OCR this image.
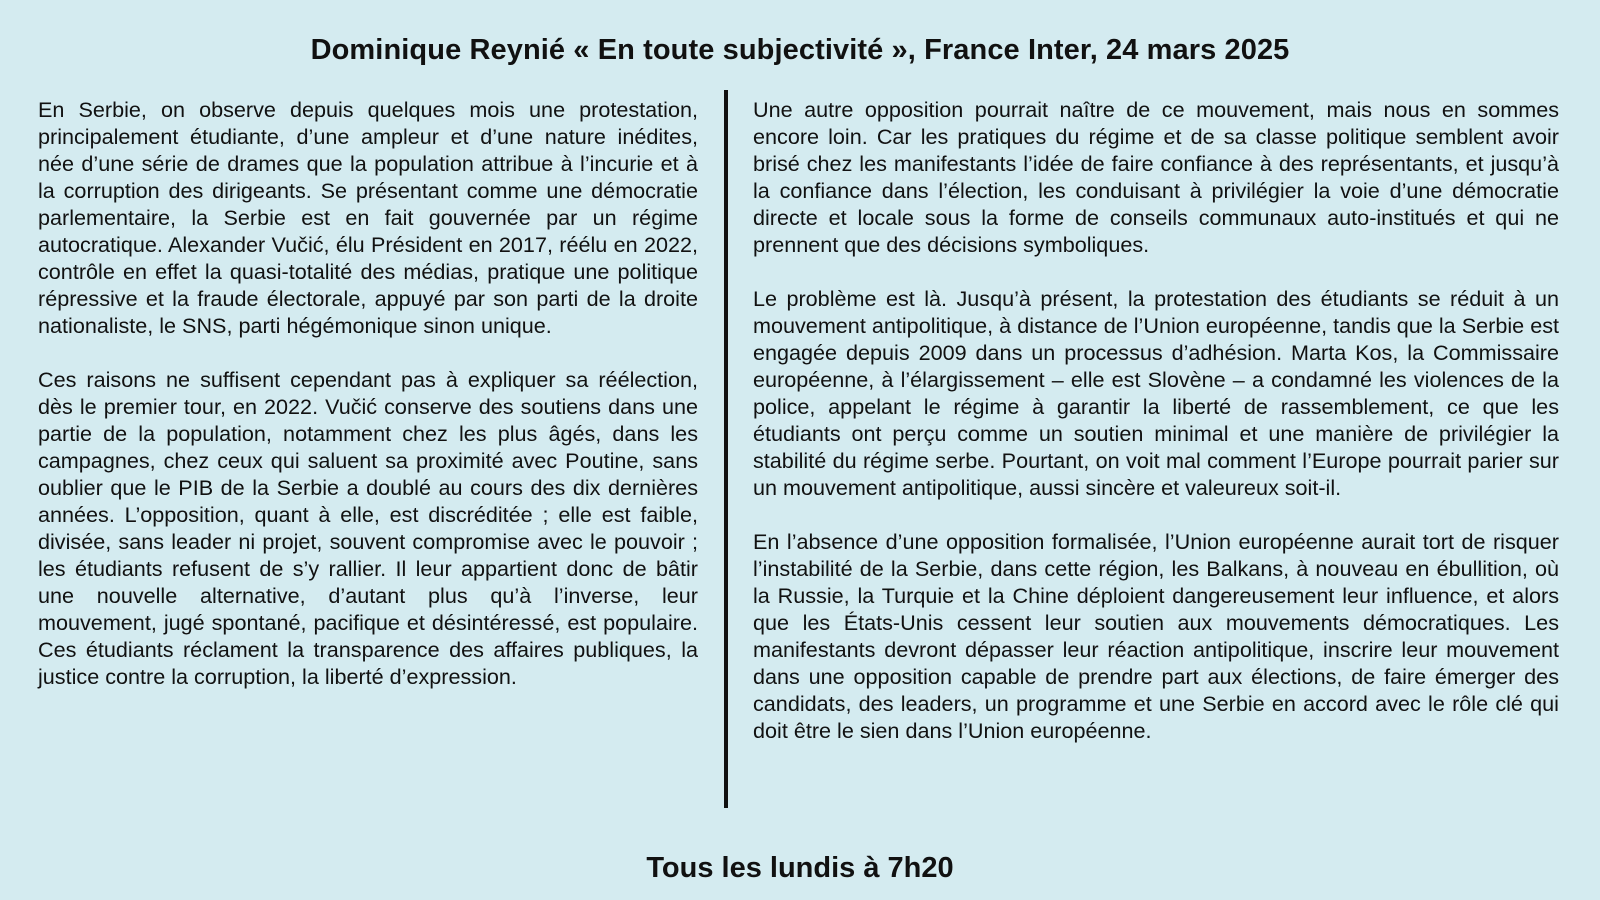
Dominique Reynié « En toute subjectivité », France Inter, 24 mars 2025

En Serbie, on observe depuis quelques mois une protestation, principalement étudiante, d’une ampleur et d’une nature inédites, née d’une série de drames que la population attribue à l’incurie et à la corruption des dirigeants. Se présentant comme une démocratie parlementaire, la Serbie est en fait gouvernée par un régime autocratique. Alexander Vučić, élu Président en 2017, réélu en 2022, contrôle en effet la quasi-totalité des médias, pratique une politique répressive et la fraude électorale, appuyé par son parti de la droite nationaliste, le SNS, parti hégémonique sinon unique.

Ces raisons ne suffisent cependant pas à expliquer sa réélection, dès le premier tour, en 2022. Vučić conserve des soutiens dans une partie de la population, notamment chez les plus âgés, dans les campagnes, chez ceux qui saluent sa proximité avec Poutine, sans oublier que le PIB de la Serbie a doublé au cours des dix dernières années. L’opposition, quant à elle, est discréditée ; elle est faible, divisée, sans leader ni projet, souvent compromise avec le pouvoir ; les étudiants refusent de s’y rallier. Il leur appartient donc de bâtir une nouvelle alternative, d’autant plus qu’à l’inverse, leur mouvement, jugé spontané, pacifique et désintéressé, est populaire. Ces étudiants réclament la transparence des affaires publiques, la justice contre la corruption, la liberté d’expression.

Une autre opposition pourrait naître de ce mouvement, mais nous en sommes encore loin. Car les pratiques du régime et de sa classe politique semblent avoir brisé chez les manifestants l’idée de faire confiance à des représentants, et jusqu’à la confiance dans l’élection, les conduisant à privilégier la voie d’une démocratie directe et locale sous la forme de conseils communaux auto-institués et qui ne prennent que des décisions symboliques.

Le problème est là. Jusqu’à présent, la protestation des étudiants se réduit à un mouvement antipolitique, à distance de l’Union européenne, tandis que la Serbie est engagée depuis 2009 dans un processus d’adhésion. Marta Kos, la Commissaire européenne, à l’élargissement – elle est Slovène – a condamné les violences de la police, appelant le régime à garantir la liberté de rassemblement, ce que les étudiants ont perçu comme un soutien minimal et une manière de privilégier la stabilité du régime serbe. Pourtant, on voit mal comment l’Europe pourrait parier sur un mouvement antipolitique, aussi sincère et valeureux soit-il.

En l’absence d’une opposition formalisée, l’Union européenne aurait tort de risquer l’instabilité de la Serbie, dans cette région, les Balkans, à nouveau en ébullition, où la Russie, la Turquie et la Chine déploient dangereusement leur influence, et alors que les États-Unis cessent leur soutien aux mouvements démocratiques. Les manifestants devront dépasser leur réaction antipolitique, inscrire leur mouvement dans une opposition capable de prendre part aux élections, de faire émerger des candidats, des leaders, un programme et une Serbie en accord avec le rôle clé qui doit être le sien dans l’Union européenne.

Tous les lundis à 7h20
